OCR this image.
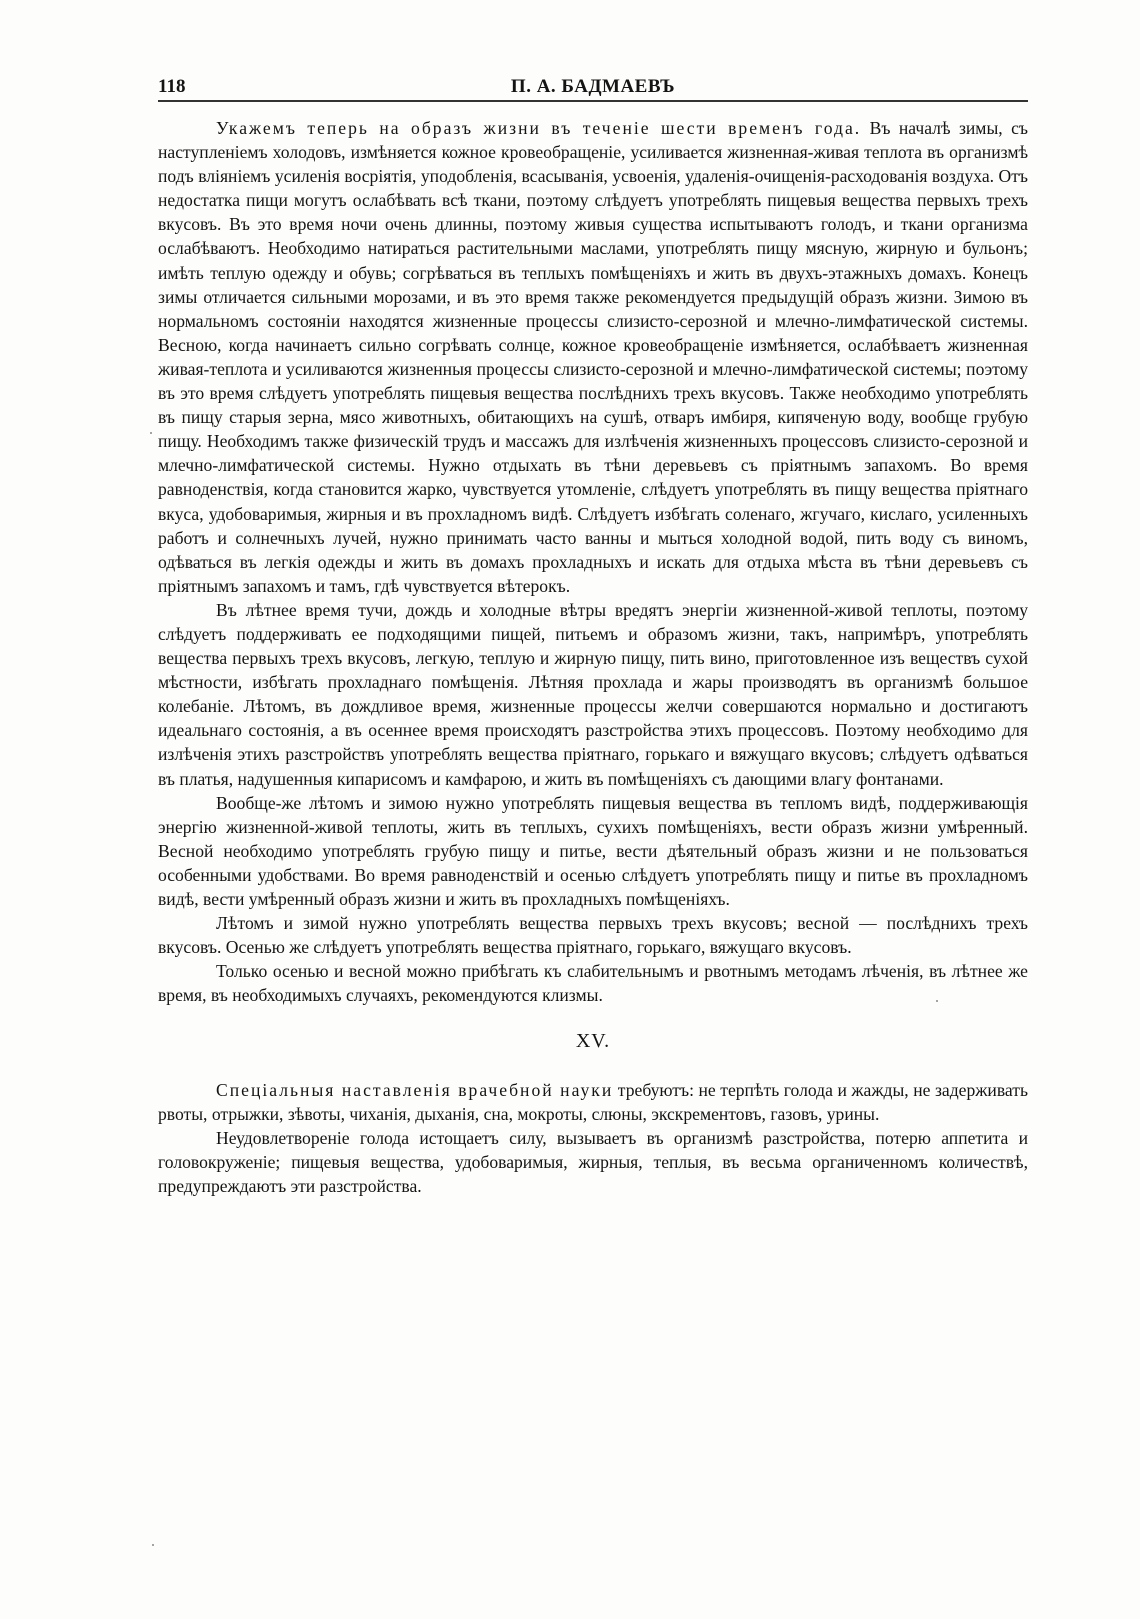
118	П. А. БАДМАЕВЪ

Укажемъ теперь на образъ жизни въ теченіе шести временъ года. Въ началѣ зимы, съ наступленіемъ холодовъ, измѣняется кожное кровеобращеніе, усиливается жизненная-живая теплота въ организмѣ подъ вліяніемъ усиленія восріятія, уподобленія, всасыванія, усвоенія, удаленія-очищенія-расходованія воздуха. Отъ недостатка пищи могутъ ослабѣвать всѣ ткани, поэтому слѣдуетъ употреблять пищевыя вещества первыхъ трехъ вкусовъ. Въ это время ночи очень длинны, поэтому живыя существа испытываютъ голодъ, и ткани организма ослабѣваютъ. Необходимо натираться растительными маслами, употреблять пищу мясную, жирную и бульонъ; имѣть теплую одежду и обувь; согрѣваться въ теплыхъ помѣщеніяхъ и жить въ двухъ-этажныхъ домахъ. Конецъ зимы отличается сильными морозами, и въ это время также рекомендуется предыдущій образъ жизни. Зимою въ нормальномъ состояніи находятся жизненные процессы слизисто-серозной и млечно-лимфатической системы. Весною, когда начинаетъ сильно согрѣвать солнце, кожное кровеобращеніе измѣняется, ослабѣваетъ жизненная живая-теплота и усиливаются жизненныя процессы слизисто-серозной и млечно-лимфатической системы; поэтому въ это время слѣдуетъ употреблять пищевыя вещества послѣднихъ трехъ вкусовъ. Также необходимо употреблять въ пищу старыя зерна, мясо животныхъ, обитающихъ на сушѣ, отваръ имбиря, кипяченую воду, вообще грубую пищу. Необходимъ также физическій трудъ и массажъ для излѣченія жизненныхъ процессовъ слизисто-серозной и млечно-лимфатической системы. Нужно отдыхать въ тѣни деревьевъ съ пріятнымъ запахомъ. Во время равноденствія, когда становится жарко, чувствуется утомленіе, слѣдуетъ употреблять въ пищу вещества пріятнаго вкуса, удобоваримыя, жирныя и въ прохладномъ видѣ. Слѣдуетъ избѣгать соленаго, жгучаго, кислаго, усиленныхъ работъ и солнечныхъ лучей, нужно принимать часто ванны и мыться холодной водой, пить воду съ виномъ, одѣваться въ легкія одежды и жить въ домахъ прохладныхъ и искать для отдыха мѣста въ тѣни деревьевъ съ пріятнымъ запахомъ и тамъ, гдѣ чувствуется вѣтерокъ.

Въ лѣтнее время тучи, дождь и холодные вѣтры вредятъ энергіи жизненной-живой теплоты, поэтому слѣдуетъ поддерживать ее подходящими пищей, питьемъ и образомъ жизни, такъ, напримѣръ, употреблять вещества первыхъ трехъ вкусовъ, легкую, теплую и жирную пищу, пить вино, приготовленное изъ веществъ сухой мѣстности, избѣгать прохладнаго помѣщенія. Лѣтняя прохлада и жары производятъ въ организмѣ большое колебаніе. Лѣтомъ, въ дождливое время, жизненные процессы желчи совершаются нормально и достигаютъ идеальнаго состоянія, а въ осеннее время происходятъ разстройства этихъ процессовъ. Поэтому необходимо для излѣченія этихъ разстройствъ употреблять вещества пріятнаго, горькаго и вяжущаго вкусовъ; слѣдуетъ одѣваться въ платья, надушенныя кипарисомъ и камфарою, и жить въ помѣщеніяхъ съ дающими влагу фонтанами.

Вообще-же лѣтомъ и зимою нужно употреблять пищевыя вещества въ тепломъ видѣ, поддерживающія энергію жизненной-живой теплоты, жить въ теплыхъ, сухихъ помѣщеніяхъ, вести образъ жизни умѣренный. Весной необходимо употреблять грубую пищу и питье, вести дѣятельный образъ жизни и не пользоваться особенными удобствами. Во время равноденствій и осенью слѣдуетъ употреблять пищу и питье въ прохладномъ видѣ, вести умѣренный образъ жизни и жить въ прохладныхъ помѣщеніяхъ.

Лѣтомъ и зимой нужно употреблять вещества первыхъ трехъ вкусовъ; весной — послѣднихъ трехъ вкусовъ. Осенью же слѣдуетъ употреблять вещества пріятнаго, горькаго, вяжущаго вкусовъ.

Только осенью и весной можно прибѣгать къ слабительнымъ и рвотнымъ методамъ лѣченія, въ лѣтнее же время, въ необходимыхъ случаяхъ, рекомендуются клизмы.

XV.

Спеціальныя наставленія врачебной науки требуютъ: не терпѣть голода и жажды, не задерживать рвоты, отрыжки, зѣвоты, чиханія, дыханія, сна, мокроты, слюны, экскрементовъ, газовъ, урины.

Неудовлетвореніе голода истощаетъ силу, вызываетъ въ организмѣ разстройства, потерю аппетита и головокруженіе; пищевыя вещества, удобоваримыя, жирныя, теплыя, въ весьма органиченномъ количествѣ, предупреждаютъ эти разстройства.
